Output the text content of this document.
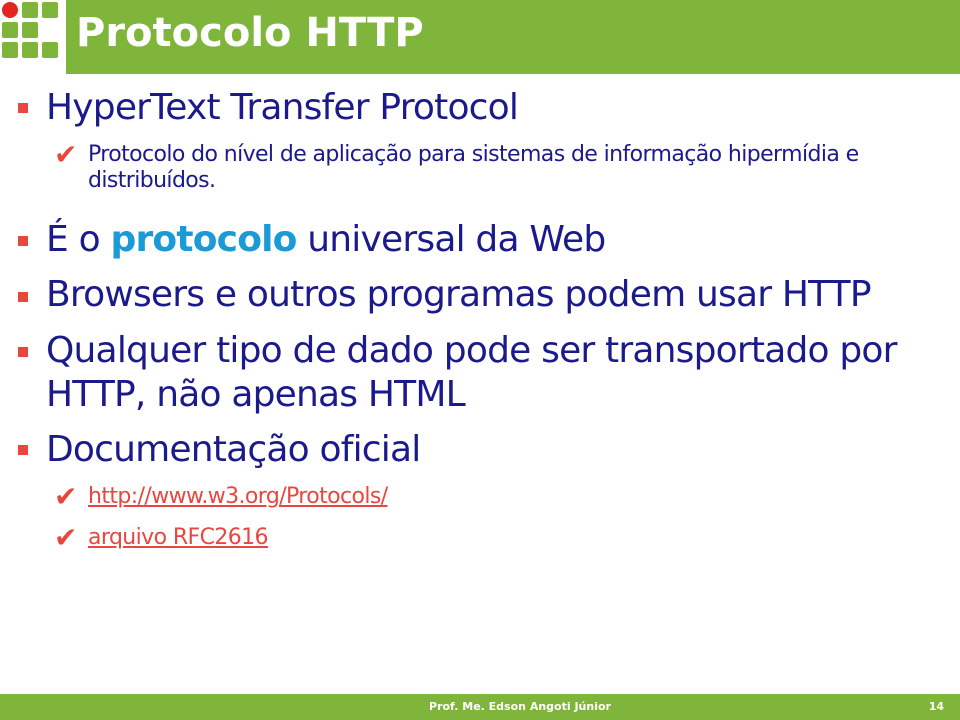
Protocolo HTTP
HyperText Transfer Protocol
✔ Protocolo do nível de aplicação para sistemas de informação hipermídia e distribuídos.
É o protocolo universal da Web
Browsers e outros programas podem usar HTTP
Qualquer tipo de dado pode ser transportado por HTTP, não apenas HTML
Documentação oficial
✔ http://www.w3.org/Protocols/
✔ arquivo RFC2616
Prof. Me. Edson Angoti Júnior	14
